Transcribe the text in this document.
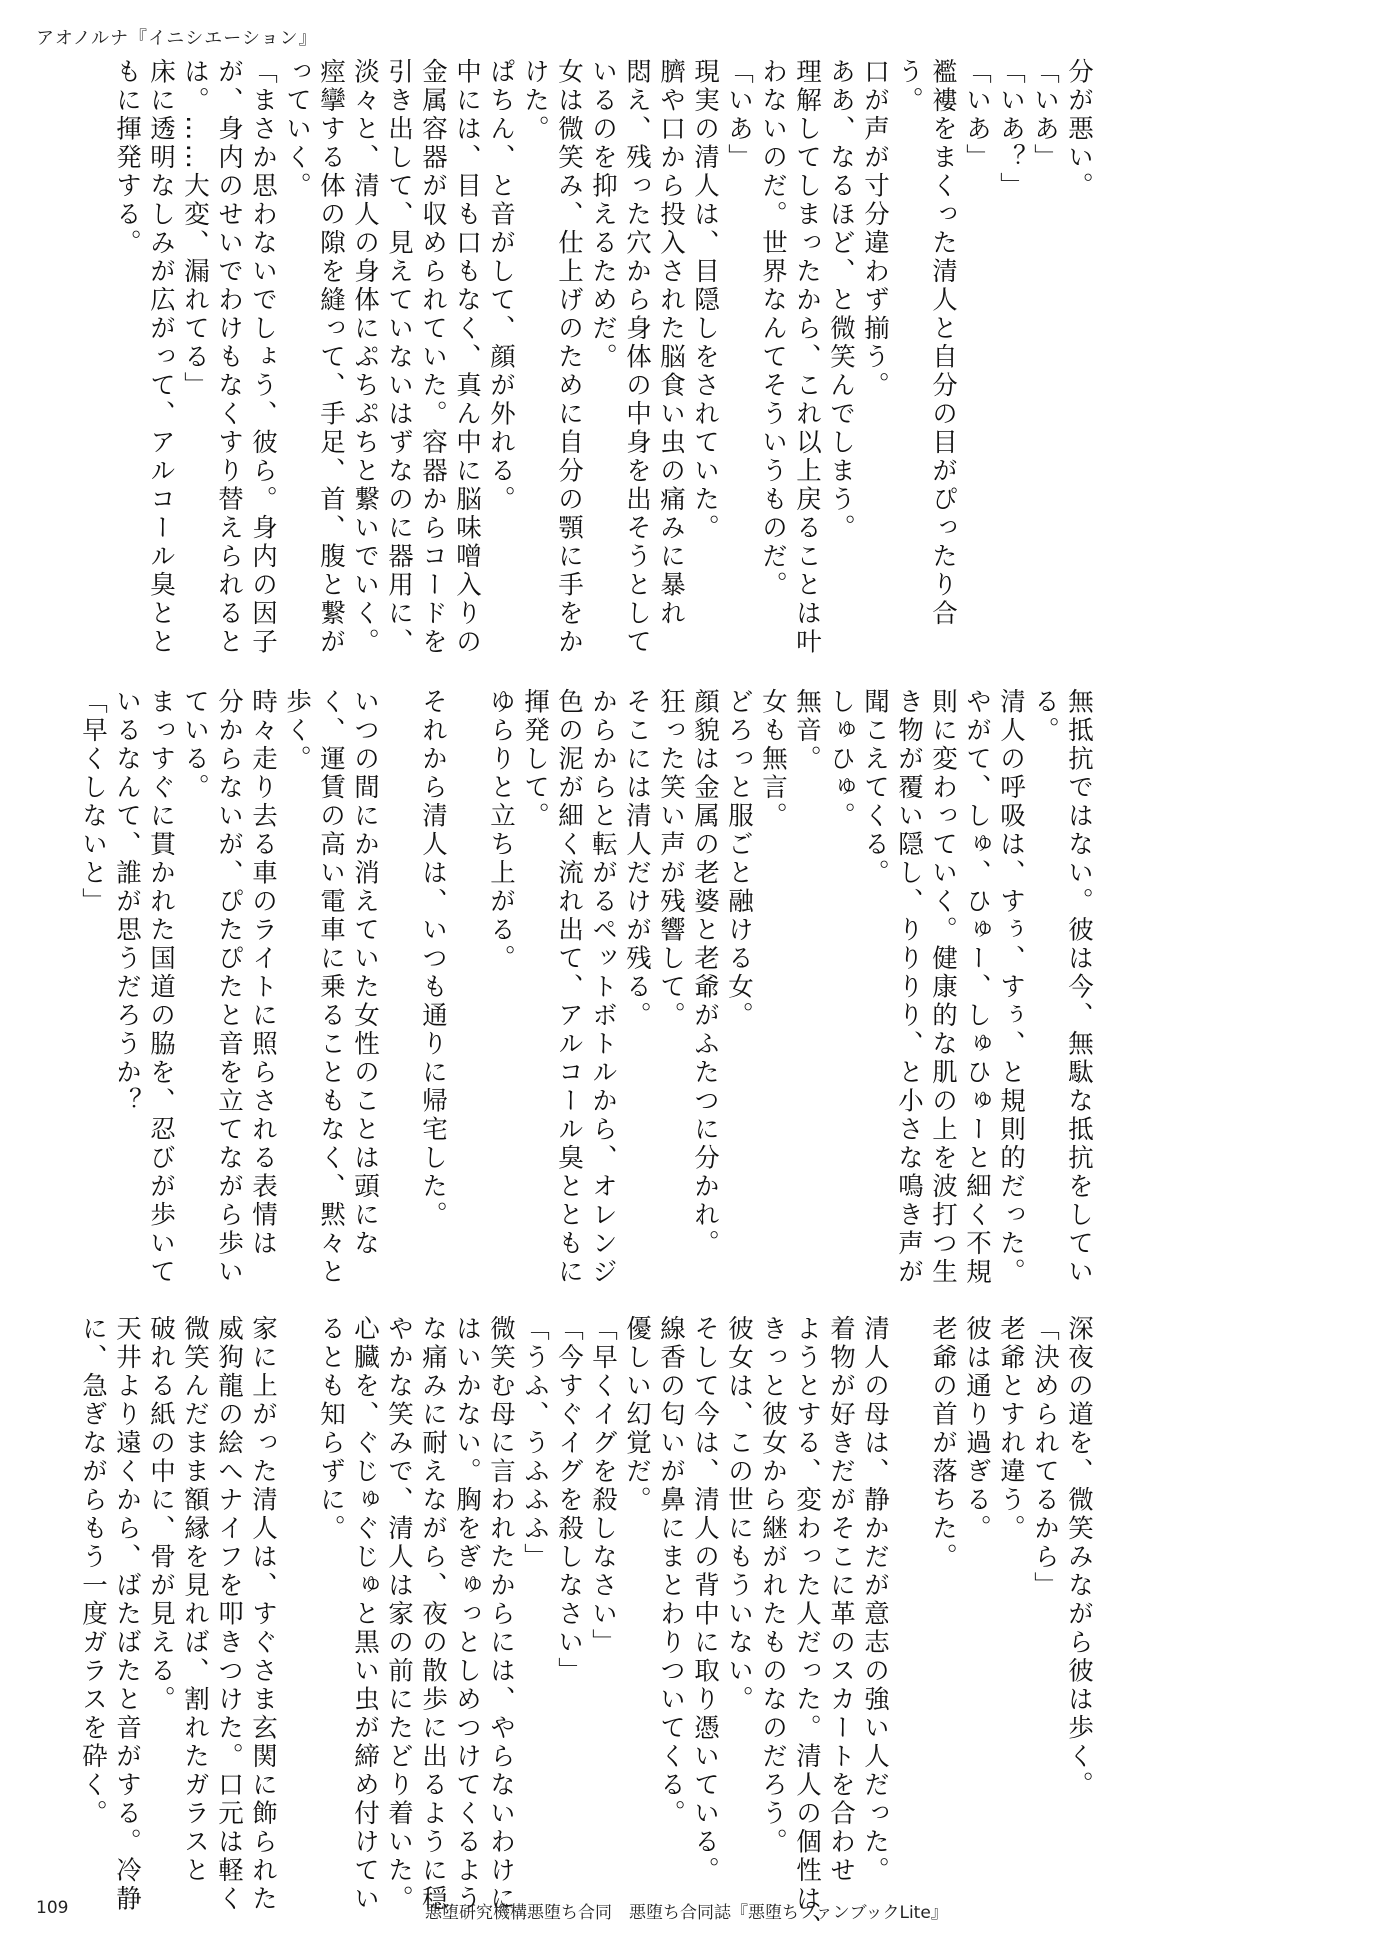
アオノルナ『イニシエーション』
分が悪い。
「いあ」
「いあ？」
「いあ」
襤褸をまくった清人と自分の目がぴったり合
う。
口が声が寸分違わず揃う。
ああ、なるほど、と微笑んでしまう。
理解してしまったから、これ以上戻ることは叶
わないのだ。世界なんてそういうものだ。
「いあ」
現実の清人は、目隠しをされていた。
臍や口から投入された脳食い虫の痛みに暴れ
悶え、残った穴から身体の中身を出そうとして
いるのを抑えるためだ。
女は微笑み、仕上げのために自分の顎に手をか
けた。
ぱちん、と音がして、顔が外れる。
中には、目も口もなく、真ん中に脳味噌入りの
金属容器が収められていた。容器からコードを
引き出して、見えていないはずなのに器用に、
淡々と、清人の身体にぷちぷちと繋いでいく。
痙攣する体の隙を縫って、手足、首、腹と繋が
っていく。
「まさか思わないでしょう、彼ら。身内の因子
が、身内のせいでわけもなくすり替えられると
は。……大変、漏れてる」
床に透明なしみが広がって、アルコール臭とと
もに揮発する。
無抵抗ではない。彼は今、無駄な抵抗をしてい
る。
清人の呼吸は、すぅ、すぅ、と規則的だった。
やがて、しゅ、ひゅー、しゅひゅーと細く不規
則に変わっていく。健康的な肌の上を波打つ生
き物が覆い隠し、りりりり、と小さな鳴き声が
聞こえてくる。
しゅひゅ。
無音。
女も無言。
どろっと服ごと融ける女。
顔貌は金属の老婆と老爺がふたつに分かれ。
狂った笑い声が残響して。
そこには清人だけが残る。
からからと転がるペットボトルから、オレンジ
色の泥が細く流れ出て、アルコール臭とともに
揮発して。
ゆらりと立ち上がる。

それから清人は、いつも通りに帰宅した。

いつの間にか消えていた女性のことは頭にな
く、運賃の高い電車に乗ることもなく、黙々と
歩く。
時々走り去る車のライトに照らされる表情は
分からないが、ぴたぴたと音を立てながら歩い
ている。
まっすぐに貫かれた国道の脇を、忍びが歩いて
いるなんて、誰が思うだろうか？
「早くしないと」
深夜の道を、微笑みながら彼は歩く。
「決められてるから」
老爺とすれ違う。
彼は通り過ぎる。
老爺の首が落ちた。

清人の母は、静かだが意志の強い人だった。
着物が好きだがそこに革のスカートを合わせ
ようとする、変わった人だった。清人の個性は、
きっと彼女から継がれたものなのだろう。
彼女は、この世にもういない。
そして今は、清人の背中に取り憑いている。
線香の匂いが鼻にまとわりついてくる。
優しい幻覚だ。
「早くイグを殺しなさい」
「今すぐイグを殺しなさい」
「うふ、うふふふ」
微笑む母に言われたからには、やらないわけに
はいかない。胸をぎゅっとしめつけてくるよう
な痛みに耐えながら、夜の散歩に出るように穏
やかな笑みで、清人は家の前にたどり着いた。
心臓を、ぐじゅぐじゅと黒い虫が締め付けてい
るとも知らずに。

家に上がった清人は、すぐさま玄関に飾られた
威狗龍の絵へナイフを叩きつけた。口元は軽く
微笑んだまま額縁を見れば、割れたガラスと
破れる紙の中に、骨が見える。
天井より遠くから、ばたばたと音がする。冷静
に、急ぎながらもう一度ガラスを砕く。
109	悪堕研究機構悪堕ち合同　悪堕ち合同誌『悪堕ちファンブックLite』
